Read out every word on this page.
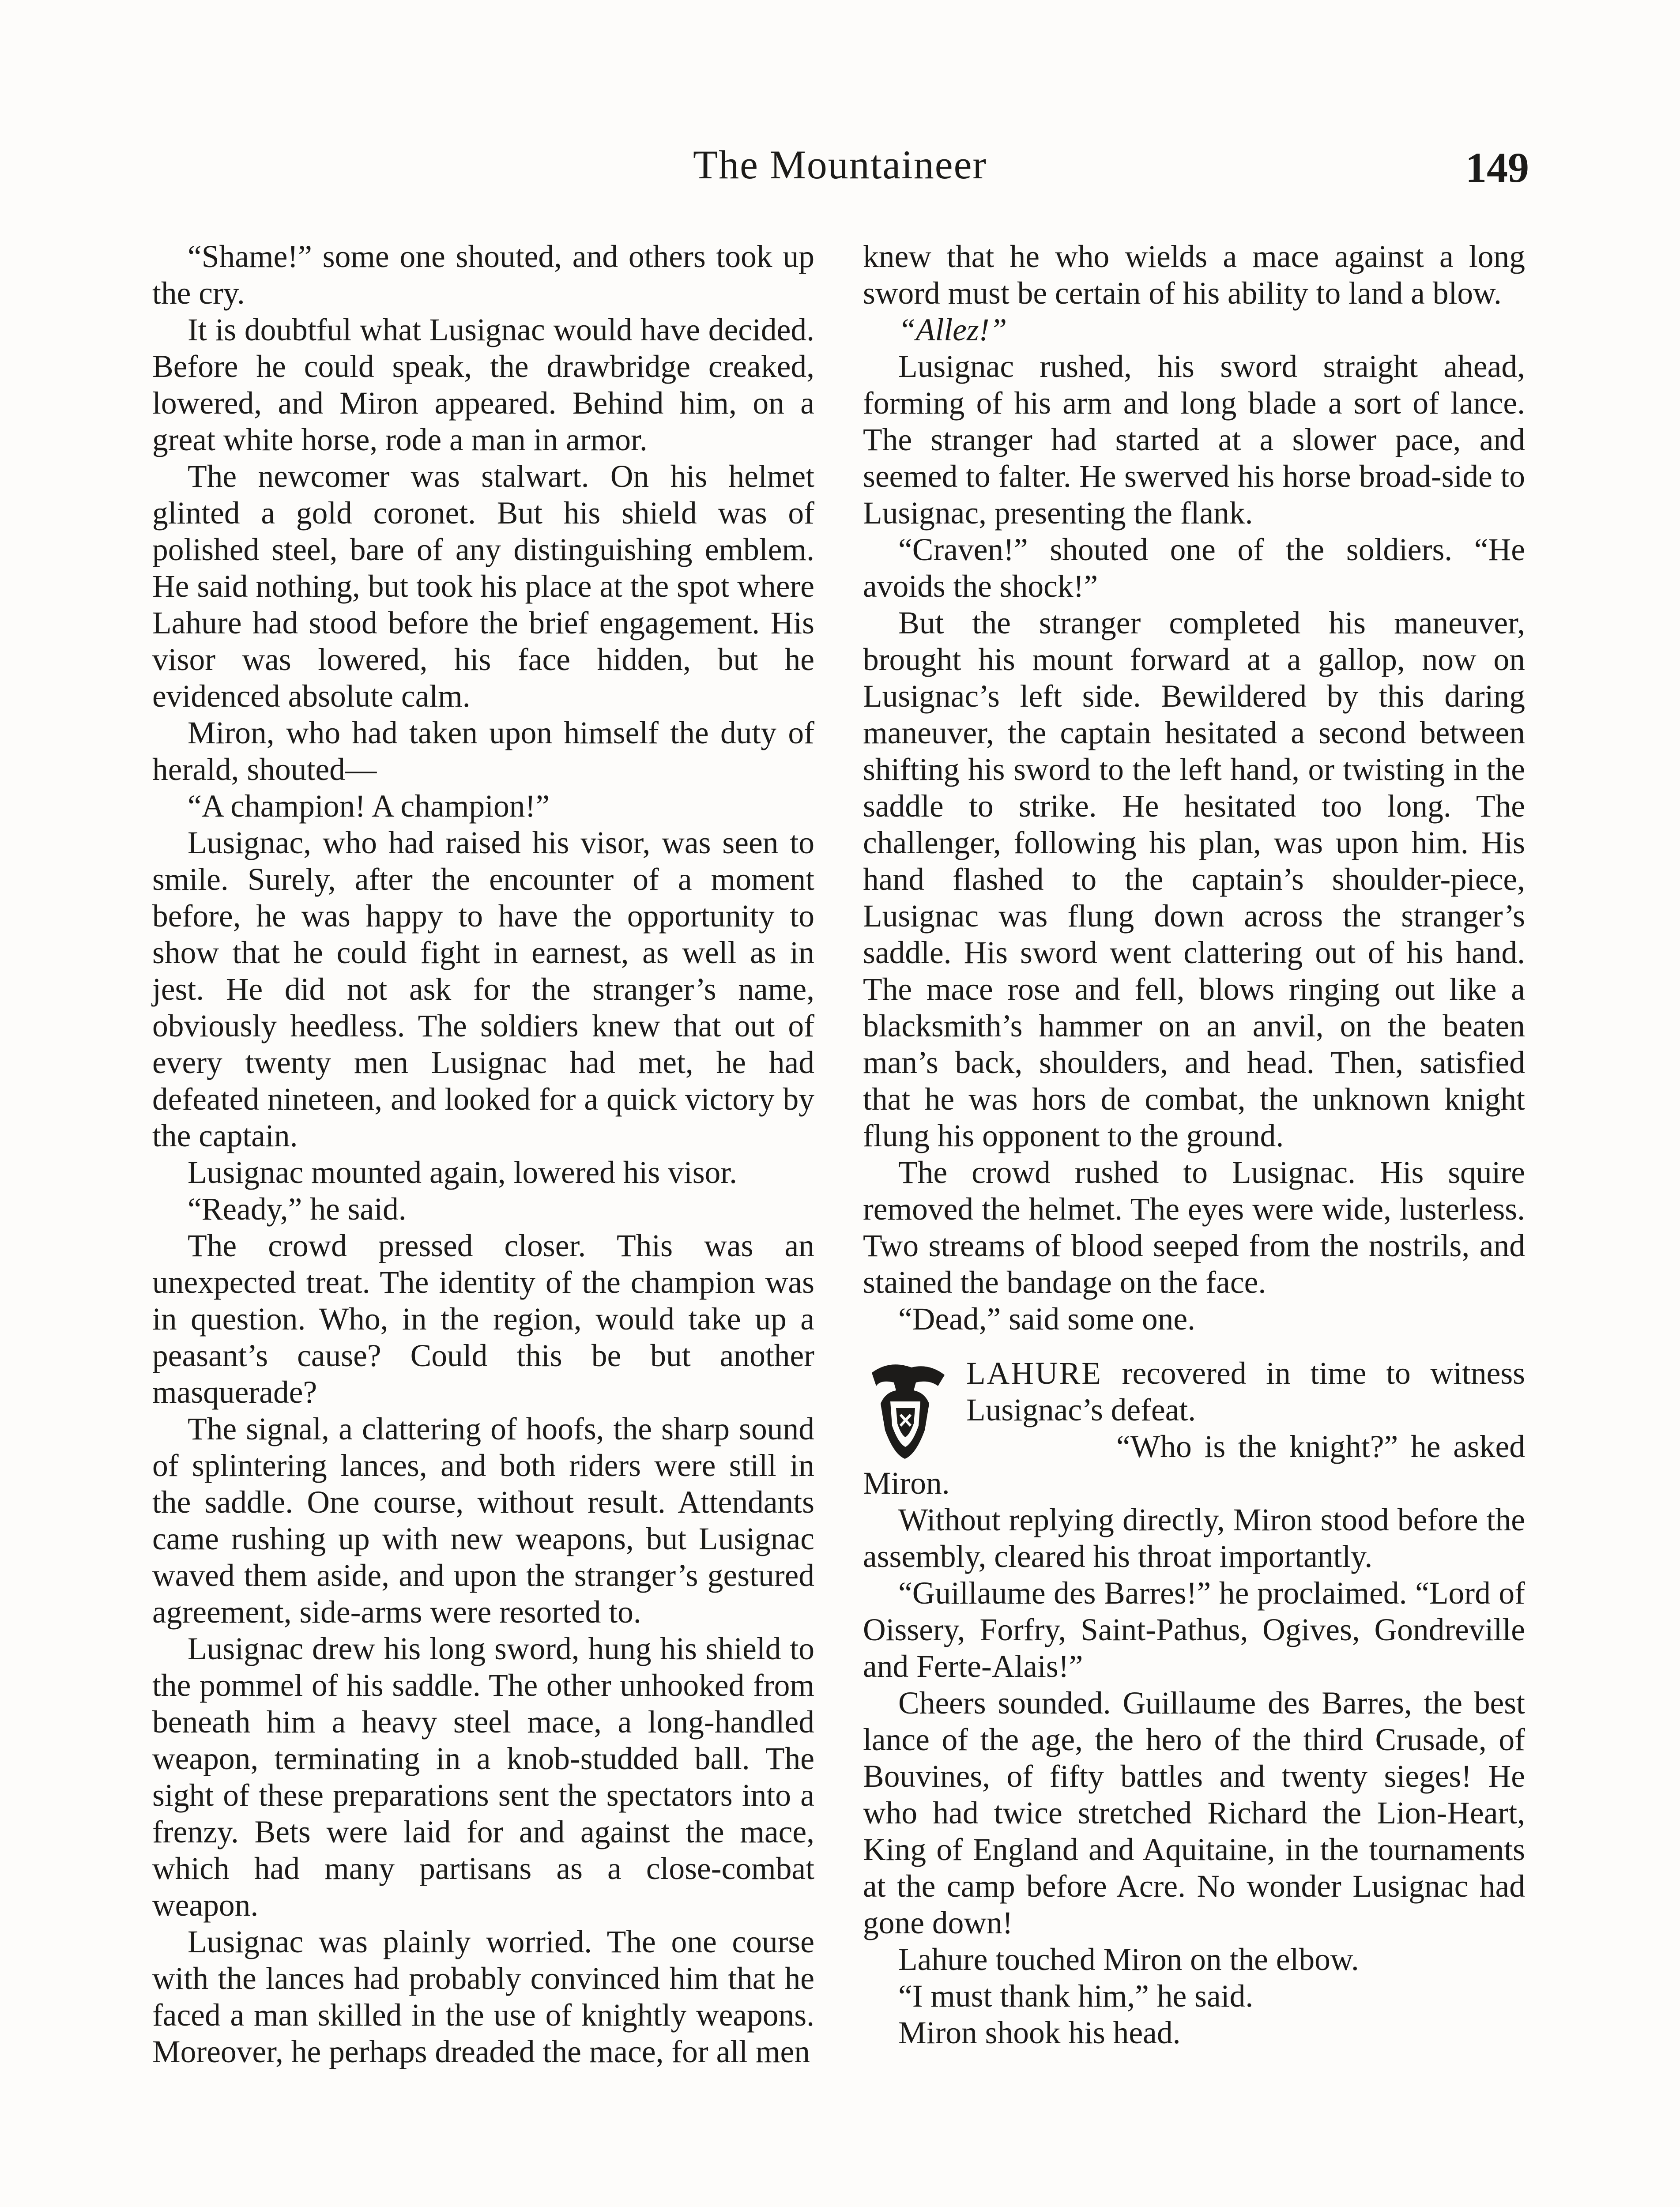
The Mountaineer	149

“Shame!” some one shouted, and others took up the cry.

It is doubtful what Lusignac would have decided. Before he could speak, the drawbridge creaked, lowered, and Miron appeared. Behind him, on a great white horse, rode a man in armor.

The newcomer was stalwart. On his helmet glinted a gold coronet. But his shield was of polished steel, bare of any distinguishing emblem. He said nothing, but took his place at the spot where Lahure had stood before the brief engagement. His visor was lowered, his face hidden, but he evidenced absolute calm.

Miron, who had taken upon himself the duty of herald, shouted—

“A champion! A champion!”

Lusignac, who had raised his visor, was seen to smile. Surely, after the encounter of a moment before, he was happy to have the opportunity to show that he could fight in earnest, as well as in jest. He did not ask for the stranger’s name, obviously heedless. The soldiers knew that out of every twenty men Lusignac had met, he had defeated nineteen, and looked for a quick victory by the captain.

Lusignac mounted again, lowered his visor.

“Ready,” he said.

The crowd pressed closer. This was an unexpected treat. The identity of the champion was in question. Who, in the region, would take up a peasant’s cause? Could this be but another masquerade?

The signal, a clattering of hoofs, the sharp sound of splintering lances, and both riders were still in the saddle. One course, without result. Attendants came rushing up with new weapons, but Lusignac waved them aside, and upon the stranger’s gestured agreement, side-arms were resorted to.

Lusignac drew his long sword, hung his shield to the pommel of his saddle. The other unhooked from beneath him a heavy steel mace, a long-handled weapon, terminating in a knob-studded ball. The sight of these preparations sent the spectators into a frenzy. Bets were laid for and against the mace, which had many partisans as a close-combat weapon.

Lusignac was plainly worried. The one course with the lances had probably convinced him that he faced a man skilled in the use of knightly weapons. Moreover, he perhaps dreaded the mace, for all men

knew that he who wields a mace against a long sword must be certain of his ability to land a blow.

“Allez!”

Lusignac rushed, his sword straight ahead, forming of his arm and long blade a sort of lance. The stranger had started at a slower pace, and seemed to falter. He swerved his horse broad-side to Lusignac, presenting the flank.

“Craven!” shouted one of the soldiers. “He avoids the shock!”

But the stranger completed his maneuver, brought his mount forward at a gallop, now on Lusignac’s left side. Bewildered by this daring maneuver, the captain hesitated a second between shifting his sword to the left hand, or twisting in the saddle to strike. He hesitated too long. The challenger, following his plan, was upon him. His hand flashed to the captain’s shoulder-piece, Lusignac was flung down across the stranger’s saddle. His sword went clattering out of his hand. The mace rose and fell, blows ringing out like a blacksmith’s hammer on an anvil, on the beaten man’s back, shoulders, and head. Then, satisfied that he was hors de combat, the unknown knight flung his opponent to the ground.

The crowd rushed to Lusignac. His squire removed the helmet. The eyes were wide, lusterless. Two streams of blood seeped from the nostrils, and stained the bandage on the face.

“Dead,” said some one.

LAHURE recovered in time to witness Lusignac’s defeat.

“Who is the knight?” he asked Miron.

Without replying directly, Miron stood before the assembly, cleared his throat importantly.

“Guillaume des Barres!” he proclaimed. “Lord of Oissery, Forfry, Saint-Pathus, Ogives, Gondreville and Ferte-Alais!”

Cheers sounded. Guillaume des Barres, the best lance of the age, the hero of the third Crusade, of Bouvines, of fifty battles and twenty sieges! He who had twice stretched Richard the Lion-Heart, King of England and Aquitaine, in the tournaments at the camp before Acre. No wonder Lusignac had gone down!

Lahure touched Miron on the elbow.

“I must thank him,” he said.

Miron shook his head.
